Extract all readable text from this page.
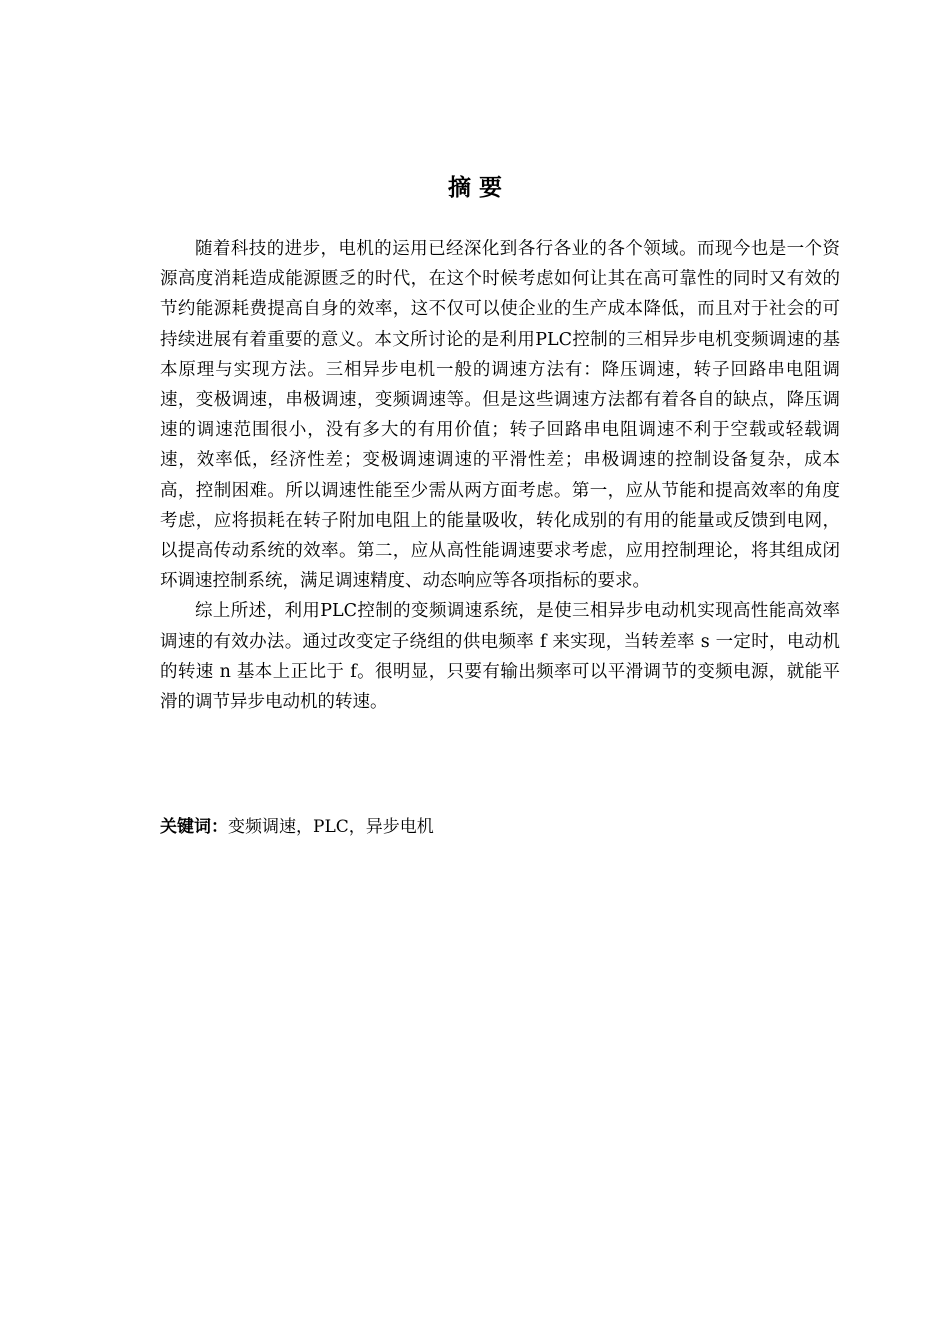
摘 要

随着科技的进步，电机的运用已经深化到各行各业的各个领域。而现今也是一个资源高度消耗造成能源匮乏的时代，在这个时候考虑如何让其在高可靠性的同时又有效的节约能源耗费提高自身的效率，这不仅可以使企业的生产成本降低，而且对于社会的可持续进展有着重要的意义。本文所讨论的是利用PLC控制的三相异步电机变频调速的基本原理与实现方法。三相异步电机一般的调速方法有：降压调速，转子回路串电阻调速，变极调速，串极调速，变频调速等。但是这些调速方法都有着各自的缺点，降压调速的调速范围很小，没有多大的有用价值；转子回路串电阻调速不利于空载或轻载调速，效率低，经济性差；变极调速调速的平滑性差；串极调速的控制设备复杂，成本高，控制困难。所以调速性能至少需从两方面考虑。第一，应从节能和提高效率的角度考虑，应将损耗在转子附加电阻上的能量吸收，转化成别的有用的能量或反馈到电网，以提高传动系统的效率。第二，应从高性能调速要求考虑，应用控制理论，将其组成闭环调速控制系统，满足调速精度、动态响应等各项指标的要求。

综上所述，利用PLC控制的变频调速系统，是使三相异步电动机实现高性能高效率调速的有效办法。通过改变定子绕组的供电频率 f 来实现，当转差率 s 一定时，电动机的转速 n 基本上正比于 f。很明显，只要有输出频率可以平滑调节的变频电源，就能平滑的调节异步电动机的转速。

关键词：变频调速，PLC，异步电机
